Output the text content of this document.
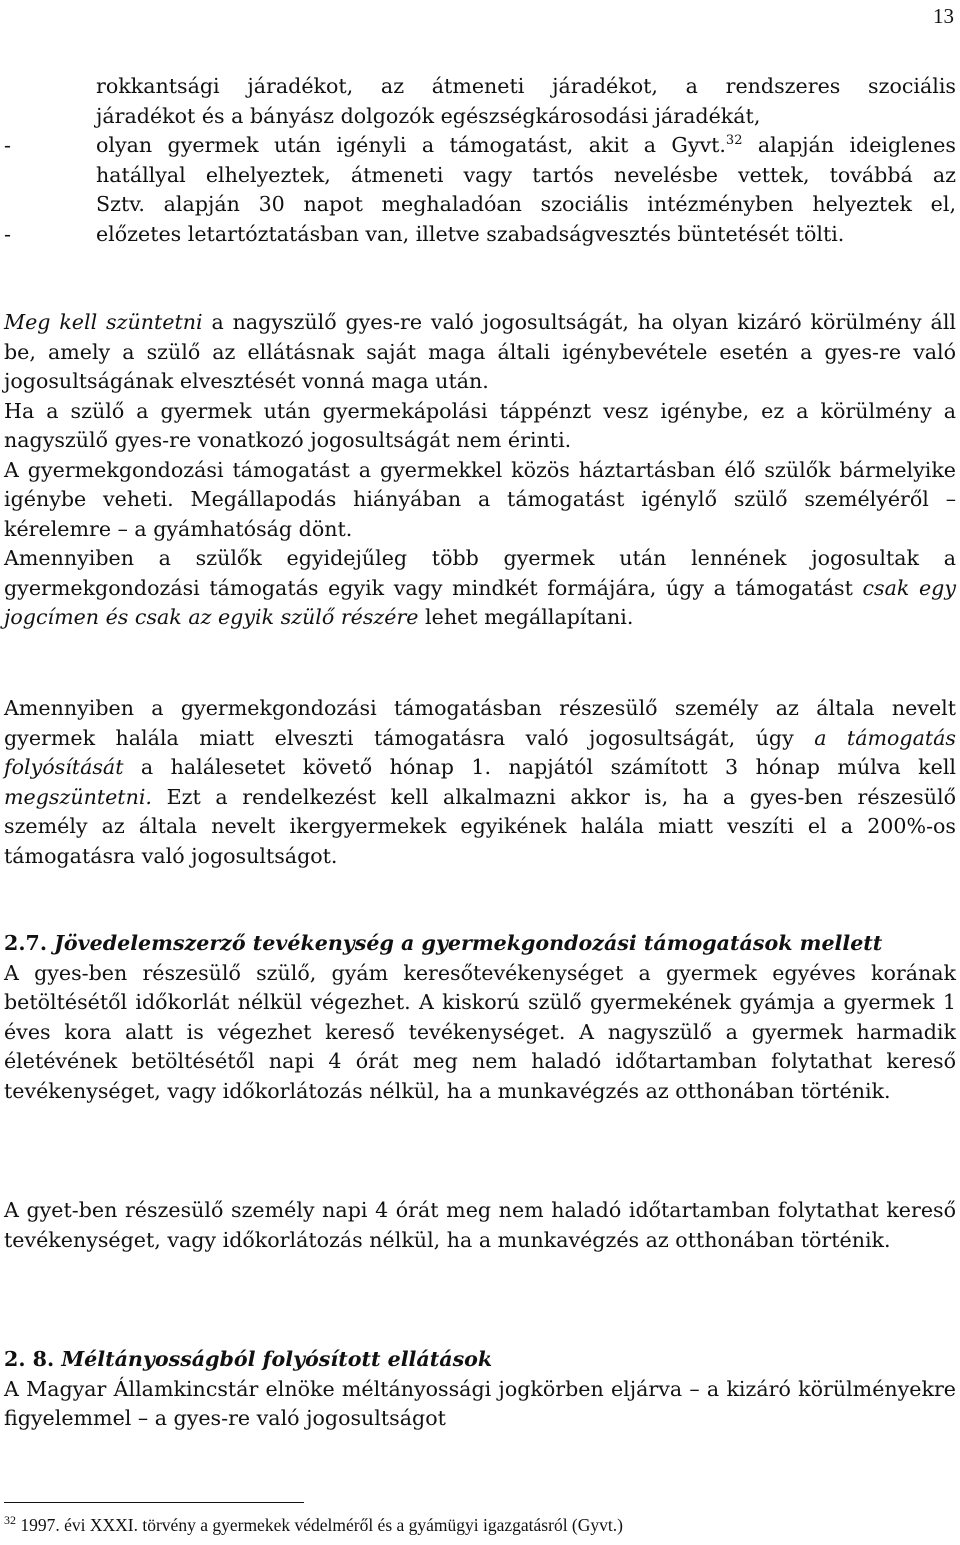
13
rokkantsági járadékot, az átmeneti járadékot, a rendszeres szociális
járadékot és a bányász dolgozók egészségkárosodási járadékát,
-	olyan gyermek után igényli a támogatást, akit a Gyvt.$^{32}$ alapján ideiglenes
hatállyal elhelyeztek, átmeneti vagy tartós nevelésbe vettek, továbbá az
Sztv. alapján 30 napot meghaladóan szociális intézményben helyeztek el,
-	előzetes letartóztatásban van, illetve szabadságvesztés büntetését tölti.
Meg kell szüntetni a nagyszülő gyes-re való jogosultságát, ha olyan kizáró körülmény áll be, amely a szülő az ellátásnak saját maga általi igénybevétele esetén a gyes-re való jogosultságának elvesztését vonná maga után.
Ha a szülő a gyermek után gyermekápolási táppénzt vesz igénybe, ez a körülmény a nagyszülő gyes-re vonatkozó jogosultságát nem érinti.
A gyermekgondozási támogatást a gyermekkel közös háztartásban élő szülők bármelyike igénybe veheti. Megállapodás hiányában a támogatást igénylő szülő személyéről – kérelemre – a gyámhatóság dönt.
Amennyiben a szülők egyidejűleg több gyermek után lennének jogosultak a gyermekgondozási támogatás egyik vagy mindkét formájára, úgy a támogatást csak egy jogcímen és csak az egyik szülő részére lehet megállapítani.
Amennyiben a gyermekgondozási támogatásban részesülő személy az általa nevelt gyermek halála miatt elveszti támogatásra való jogosultságát, úgy a támogatás folyósítását a halálesetet követő hónap 1. napjától számított 3 hónap múlva kell megszüntetni. Ezt a rendelkezést kell alkalmazni akkor is, ha a gyes-ben részesülő személy az általa nevelt ikergyermekek egyikének halála miatt veszíti el a 200%-os támogatásra való jogosultságot.
2.7. Jövedelemszerző tevékenység a gyermekgondozási támogatások mellett
A gyes-ben részesülő szülő, gyám keresőtevékenységet a gyermek egyéves korának betöltésétől időkorlát nélkül végezhet. A kiskorú szülő gyermekének gyámja a gyermek 1 éves kora alatt is végezhet kereső tevékenységet. A nagyszülő a gyermek harmadik életévének betöltésétől napi 4 órát meg nem haladó időtartamban folytathat kereső tevékenységet, vagy időkorlátozás nélkül, ha a munkavégzés az otthonában történik.
A gyet-ben részesülő személy napi 4 órát meg nem haladó időtartamban folytathat kereső tevékenységet, vagy időkorlátozás nélkül, ha a munkavégzés az otthonában történik.
2. 8. Méltányosságból folyósított ellátások
A Magyar Államkincstár elnöke méltányossági jogkörben eljárva – a kizáró körülményekre figyelemmel – a gyes-re való jogosultságot
$^{32}$ 1997. évi XXXI. törvény a gyermekek védelméről és a gyámügyi igazgatásról (Gyvt.)
